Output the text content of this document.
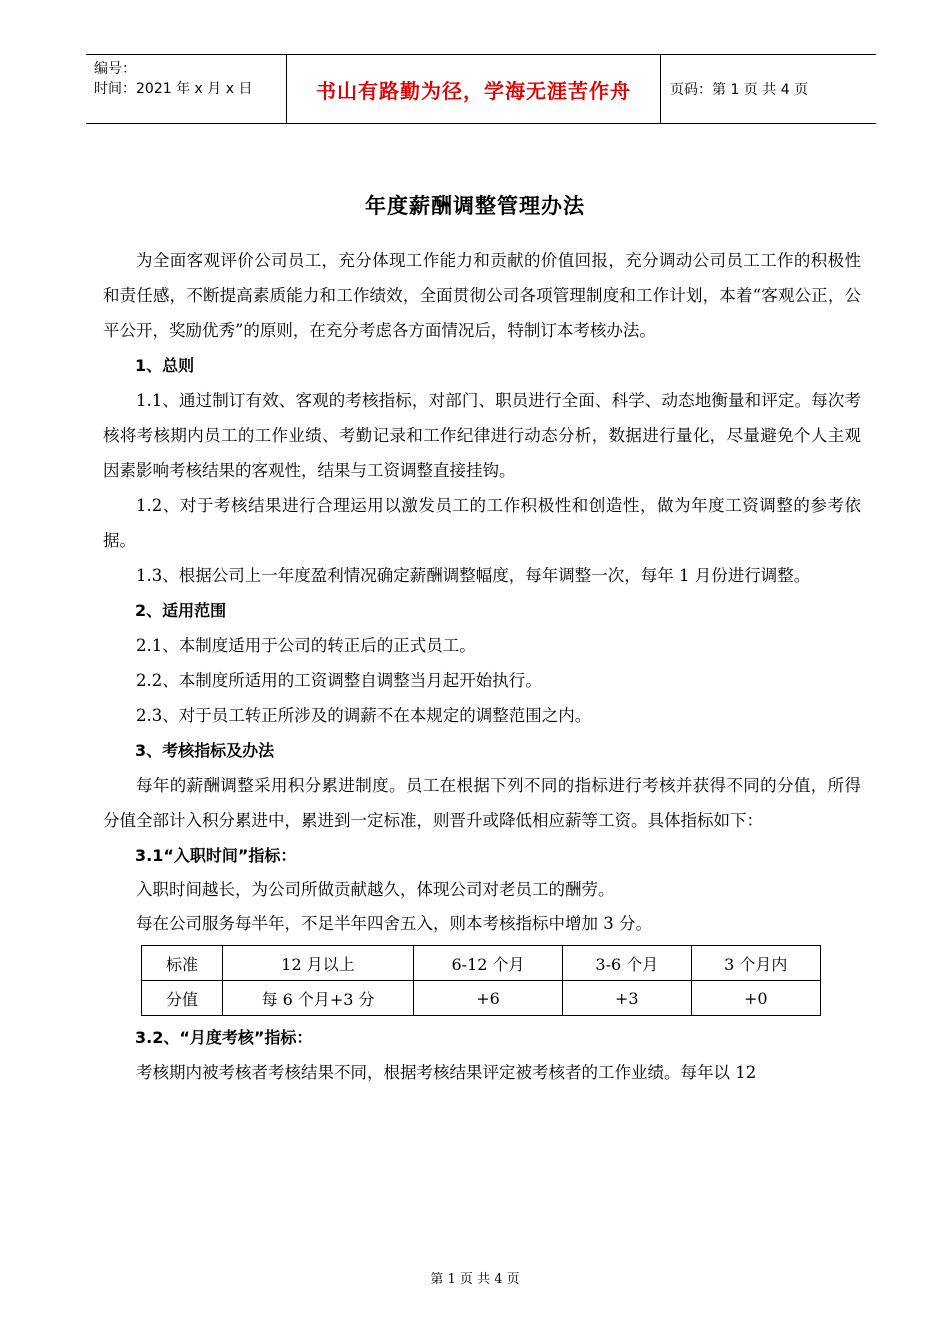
编号：
时间：2021 年 x 月 x 日	书山有路勤为径，学海无涯苦作舟	页码：第 1 页 共 4 页
年度薪酬调整管理办法

为全面客观评价公司员工，充分体现工作能力和贡献的价值回报，充分调动公司员工工作的积极性和责任感，不断提高素质能力和工作绩效，全面贯彻公司各项管理制度和工作计划，本着“客观公正，公平公开，奖励优秀”的原则，在充分考虑各方面情况后，特制订本考核办法。

1、总则

1.1、通过制订有效、客观的考核指标，对部门、职员进行全面、科学、动态地衡量和评定。每次考核将考核期内员工的工作业绩、考勤记录和工作纪律进行动态分析，数据进行量化，尽量避免个人主观因素影响考核结果的客观性，结果与工资调整直接挂钩。

1.2、对于考核结果进行合理运用以激发员工的工作积极性和创造性，做为年度工资调整的参考依据。

1.3、根据公司上一年度盈利情况确定薪酬调整幅度，每年调整一次，每年 1 月份进行调整。

2、适用范围

2.1、本制度适用于公司的转正后的正式员工。

2.2、本制度所适用的工资调整自调整当月起开始执行。

2.3、对于员工转正所涉及的调薪不在本规定的调整范围之内。

3、考核指标及办法

每年的薪酬调整采用积分累进制度。员工在根据下列不同的指标进行考核并获得不同的分值，所得分值全部计入积分累进中，累进到一定标准，则晋升或降低相应薪等工资。具体指标如下：

3.1“入职时间”指标：

入职时间越长，为公司所做贡献越久，体现公司对老员工的酬劳。

每在公司服务每半年，不足半年四舍五入，则本考核指标中增加 3 分。

标准	12 月以上	6-12 个月	3-6 个月	3 个月内
分值	每 6 个月+3 分	+6	+3	+0

3.2、“月度考核”指标：

考核期内被考核者考核结果不同，根据考核结果评定被考核者的工作业绩。每年以 12

第 1 页 共 4 页
